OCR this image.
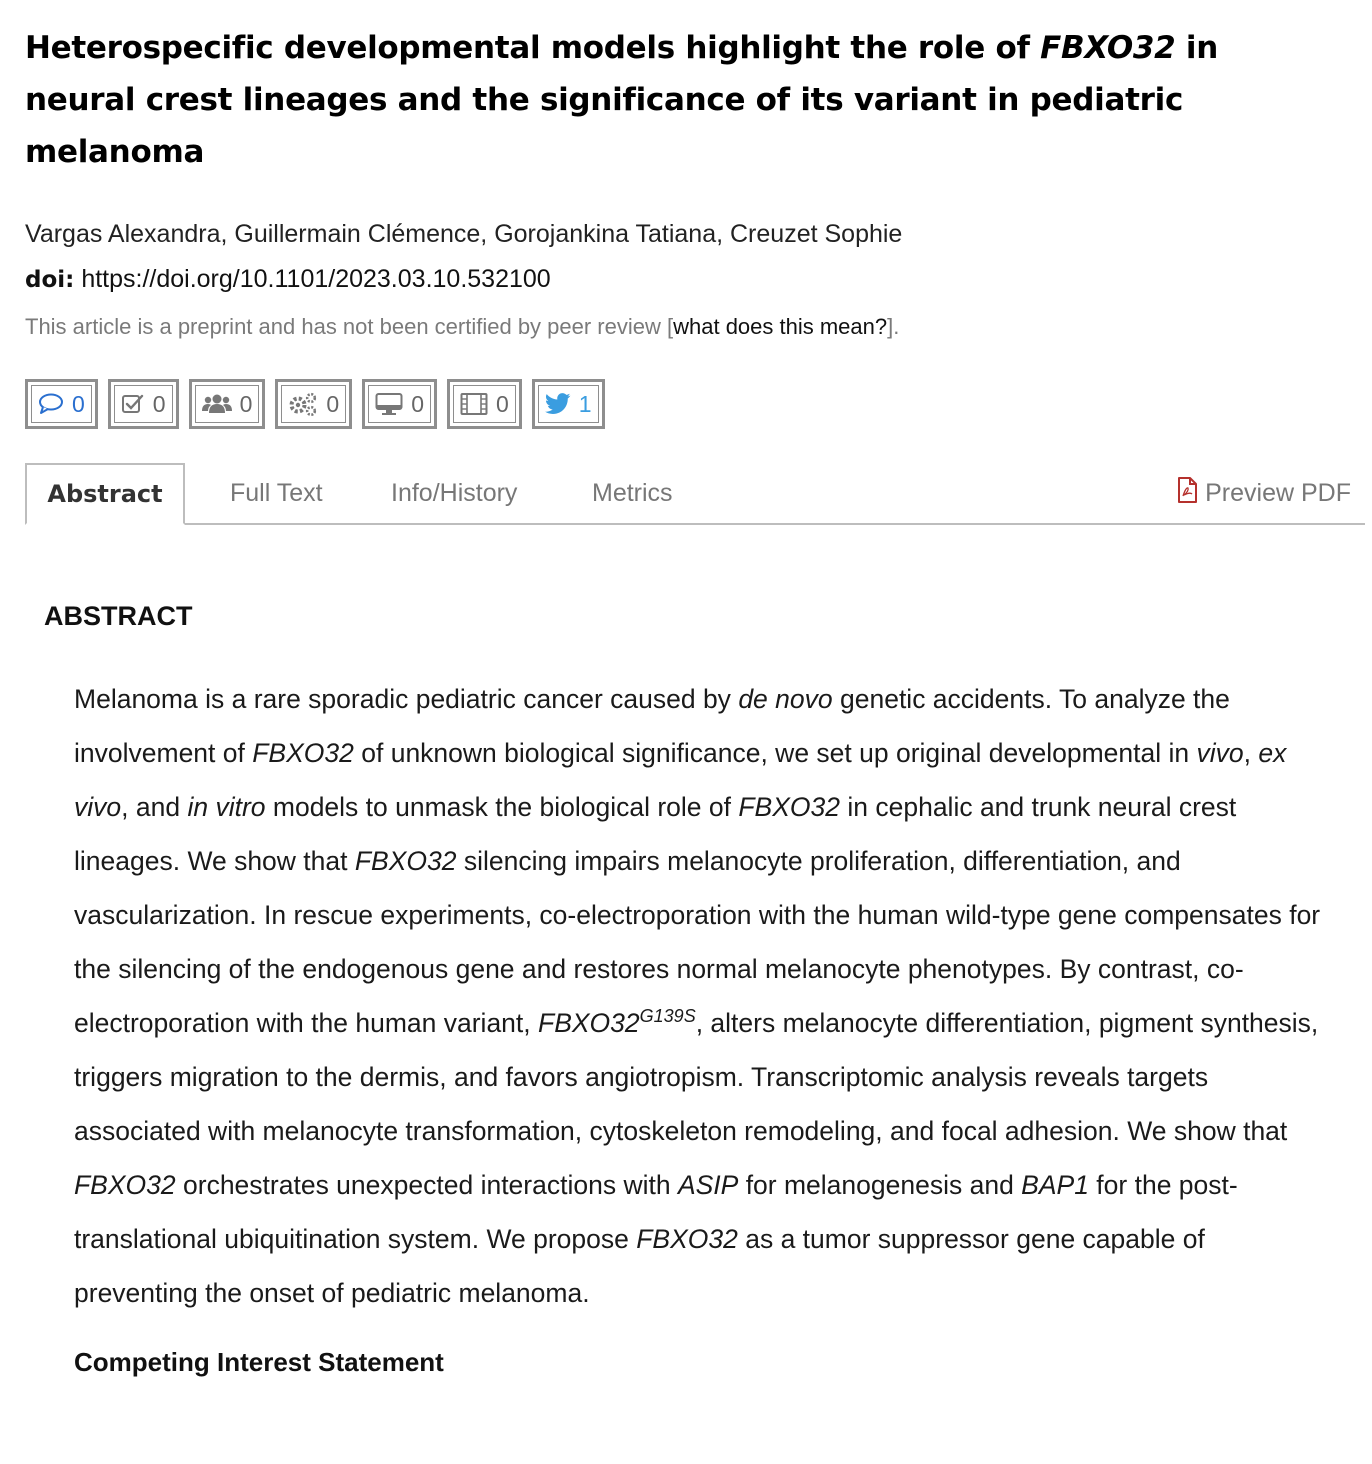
Heterospecific developmental models highlight the role of FBXO32 in neural crest lineages and the significance of its variant in pediatric melanoma
Vargas Alexandra, Guillermain Clémence, Gorojankina Tatiana, Creuzet Sophie
doi: https://doi.org/10.1101/2023.03.10.532100
This article is a preprint and has not been certified by peer review [what does this mean?].
0	0	0	0	0	0	1
Abstract	Full Text	Info/History	Metrics	Preview PDF
ABSTRACT

Melanoma is a rare sporadic pediatric cancer caused by de novo genetic accidents. To analyze the involvement of FBXO32 of unknown biological significance, we set up original developmental in vivo, ex vivo, and in vitro models to unmask the biological role of FBXO32 in cephalic and trunk neural crest lineages. We show that FBXO32 silencing impairs melanocyte proliferation, differentiation, and vascularization. In rescue experiments, co-electroporation with the human wild-type gene compensates for the silencing of the endogenous gene and restores normal melanocyte phenotypes. By contrast, co-electroporation with the human variant, $FBXO32^{G139S}$, alters melanocyte differentiation, pigment synthesis, triggers migration to the dermis, and favors angiotropism. Transcriptomic analysis reveals targets associated with melanocyte transformation, cytoskeleton remodeling, and focal adhesion. We show that FBXO32 orchestrates unexpected interactions with ASIP for melanogenesis and BAP1 for the post-translational ubiquitination system. We propose FBXO32 as a tumor suppressor gene capable of preventing the onset of pediatric melanoma.

Competing Interest Statement
